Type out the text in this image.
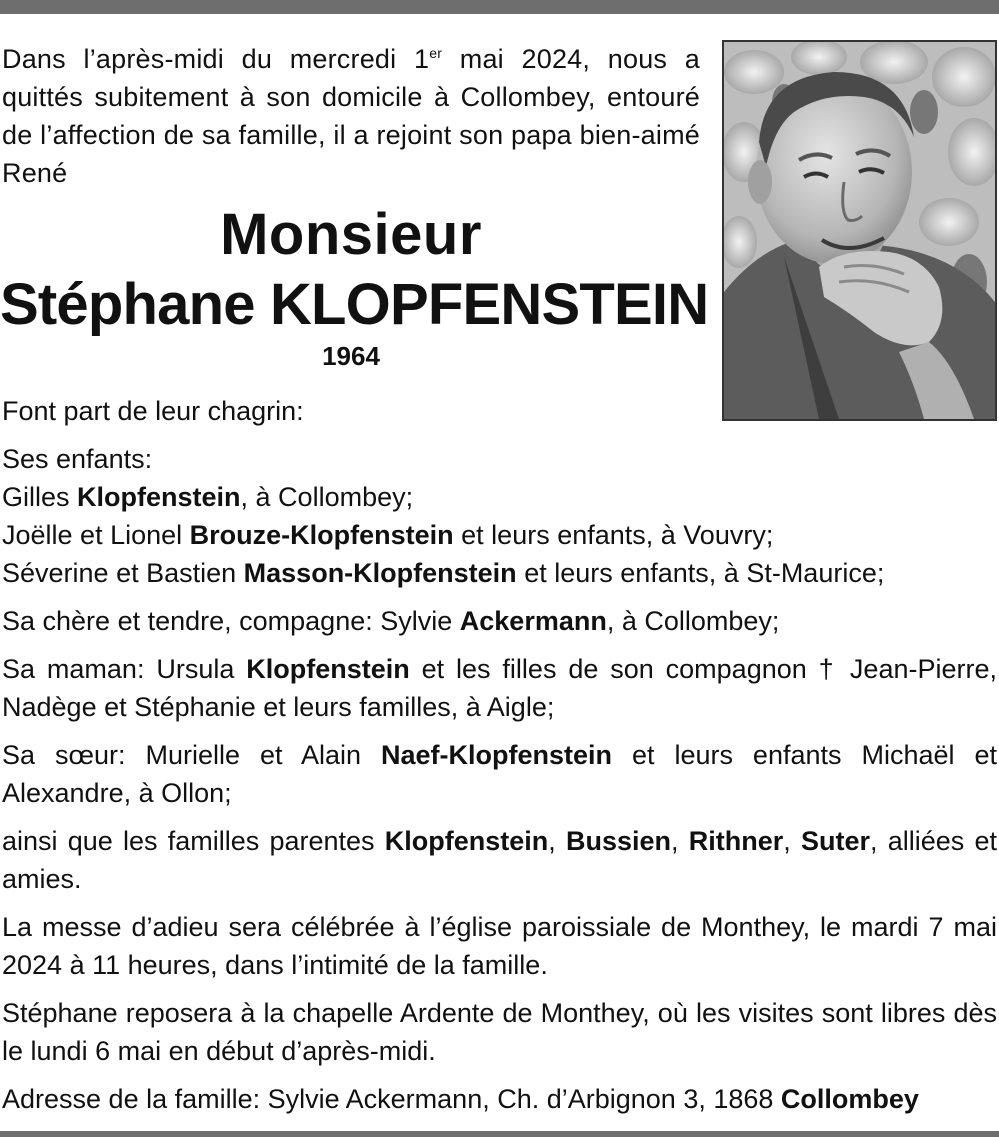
Dans l’après-midi du mercredi 1er mai 2024, nous a quittés subitement à son domicile à Collombey, entouré de l’affection de sa famille, il a rejoint son papa bien-aimé René
Monsieur
Stéphane KLOPFENSTEIN
1964

Font part de leur chagrin:

Ses enfants:

Gilles Klopfenstein, à Collombey;

Joëlle et Lionel Brouze-Klopfenstein et leurs enfants, à Vouvry;

Séverine et Bastien Masson-Klopfenstein et leurs enfants, à St-Maurice;

Sa chère et tendre, compagne: Sylvie Ackermann, à Collombey;

Sa maman: Ursula Klopfenstein et les filles de son compagnon † Jean-Pierre, Nadège et Stéphanie et leurs familles, à Aigle;

Sa sœur: Murielle et Alain Naef-Klopfenstein et leurs enfants Michaël et Alexandre, à Ollon;

ainsi que les familles parentes Klopfenstein, Bussien, Rithner, Suter, alliées et amies.

La messe d’adieu sera célébrée à l’église paroissiale de Monthey, le mardi 7 mai 2024 à 11 heures, dans l’intimité de la famille.

Stéphane reposera à la chapelle Ardente de Monthey, où les visites sont libres dès le lundi 6 mai en début d’après-midi.

Adresse de la famille: Sylvie Ackermann, Ch. d’Arbignon 3, 1868 Collombey
